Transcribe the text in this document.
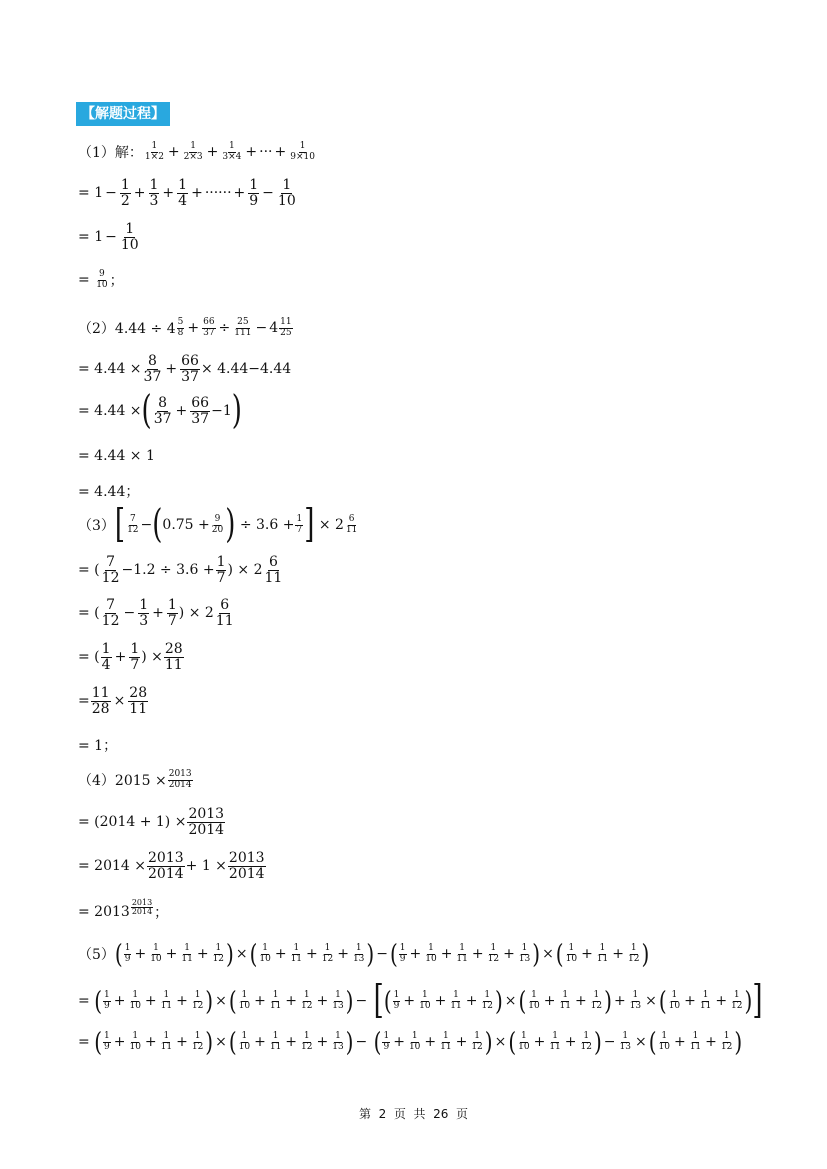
【解题过程】
（1）解： $\frac{1}{1\times 2} + \frac{1}{2\times 3} + \frac{1}{3\times 4}$ + ··· + $\frac{1}{9\times 10}$
= $1 - \frac{1}{2} + \frac{1}{3} + \frac{1}{4}$ + ······ + $\frac{1}{9} - \frac{1}{10}$
= $1 - \frac{1}{10}$
= $\frac{9}{10}$ ；
$(2)4.44 \div 4 \frac{5}{8} + \frac{66}{37} \div \frac{25}{111} - 4 \frac{11}{25}$
= $4.44 \times \frac{8}{37} + \frac{66}{37} \times 4.44-4.44$
= 4.44 × ( $\frac{8}{37} + \frac{66}{37} -1$ )
= 4.44 × 1
= 4.44；
（3） [ $\frac{7}{12}$ − ( $0.75 + \frac{9}{20}$ )
÷ $3.6 + \frac{1}{7}$ ]
× $2 \frac{6}{11}$
= ( $\frac{7}{12} -1.2 \div 3.6 + \frac{1}{7}$ ) × $2 \frac{6}{11}$
= ( $\frac{7}{12} - \frac{1}{3} + \frac{1}{7}$ ) × $2 \frac{6}{11}$
= ( $\frac{1}{4} + \frac{1}{7}$ ) × $\frac{28}{11}$
= $\frac{11}{28} \times \frac{28}{11}$
= 1；
$(4)2015 \times \frac{2013}{2014}$
= $(2014 + 1) \times \frac{2013}{2014}$
= $2014 \times \frac{2013}{2014} + 1 \times \frac{2013}{2014}$
= $2013 \frac{2013}{2014}$ ；
（5） ( $\frac{1}{9} + \frac{1}{10} + \frac{1}{11} + \frac{1}{12}$ ) × ( $\frac{1}{10} + \frac{1}{11} + \frac{1}{12} + \frac{1}{13}$ ) − ( $\frac{1}{9} + \frac{1}{10} + \frac{1}{11} + \frac{1}{12} + \frac{1}{13}$ ) × ( $\frac{1}{10} + \frac{1}{11} + \frac{1}{12}$ )
=
( $\frac{1}{9} + \frac{1}{10} + \frac{1}{11} + \frac{1}{12}$ ) × ( $\frac{1}{10} + \frac{1}{11} + \frac{1}{12} + \frac{1}{13}$ ) −
[ ( $\frac{1}{9} + \frac{1}{10} + \frac{1}{11} + \frac{1}{12}$ ) × ( $\frac{1}{10} + \frac{1}{11} + \frac{1}{12}$ ) + $\frac{1}{13}$ × ( $\frac{1}{10} + \frac{1}{11} + \frac{1}{12}$ ) ]
=
( $\frac{1}{9} + \frac{1}{10} + \frac{1}{11} + \frac{1}{12}$ ) × ( $\frac{1}{10} + \frac{1}{11} + \frac{1}{12} + \frac{1}{13}$ ) −
( $\frac{1}{9} + \frac{1}{10} + \frac{1}{11} + \frac{1}{12}$ ) × ( $\frac{1}{10} + \frac{1}{11} + \frac{1}{12}$ ) − $\frac{1}{13}$ × ( $\frac{1}{10} + \frac{1}{11} + \frac{1}{12}$ )
第  2  页  共  26  页
